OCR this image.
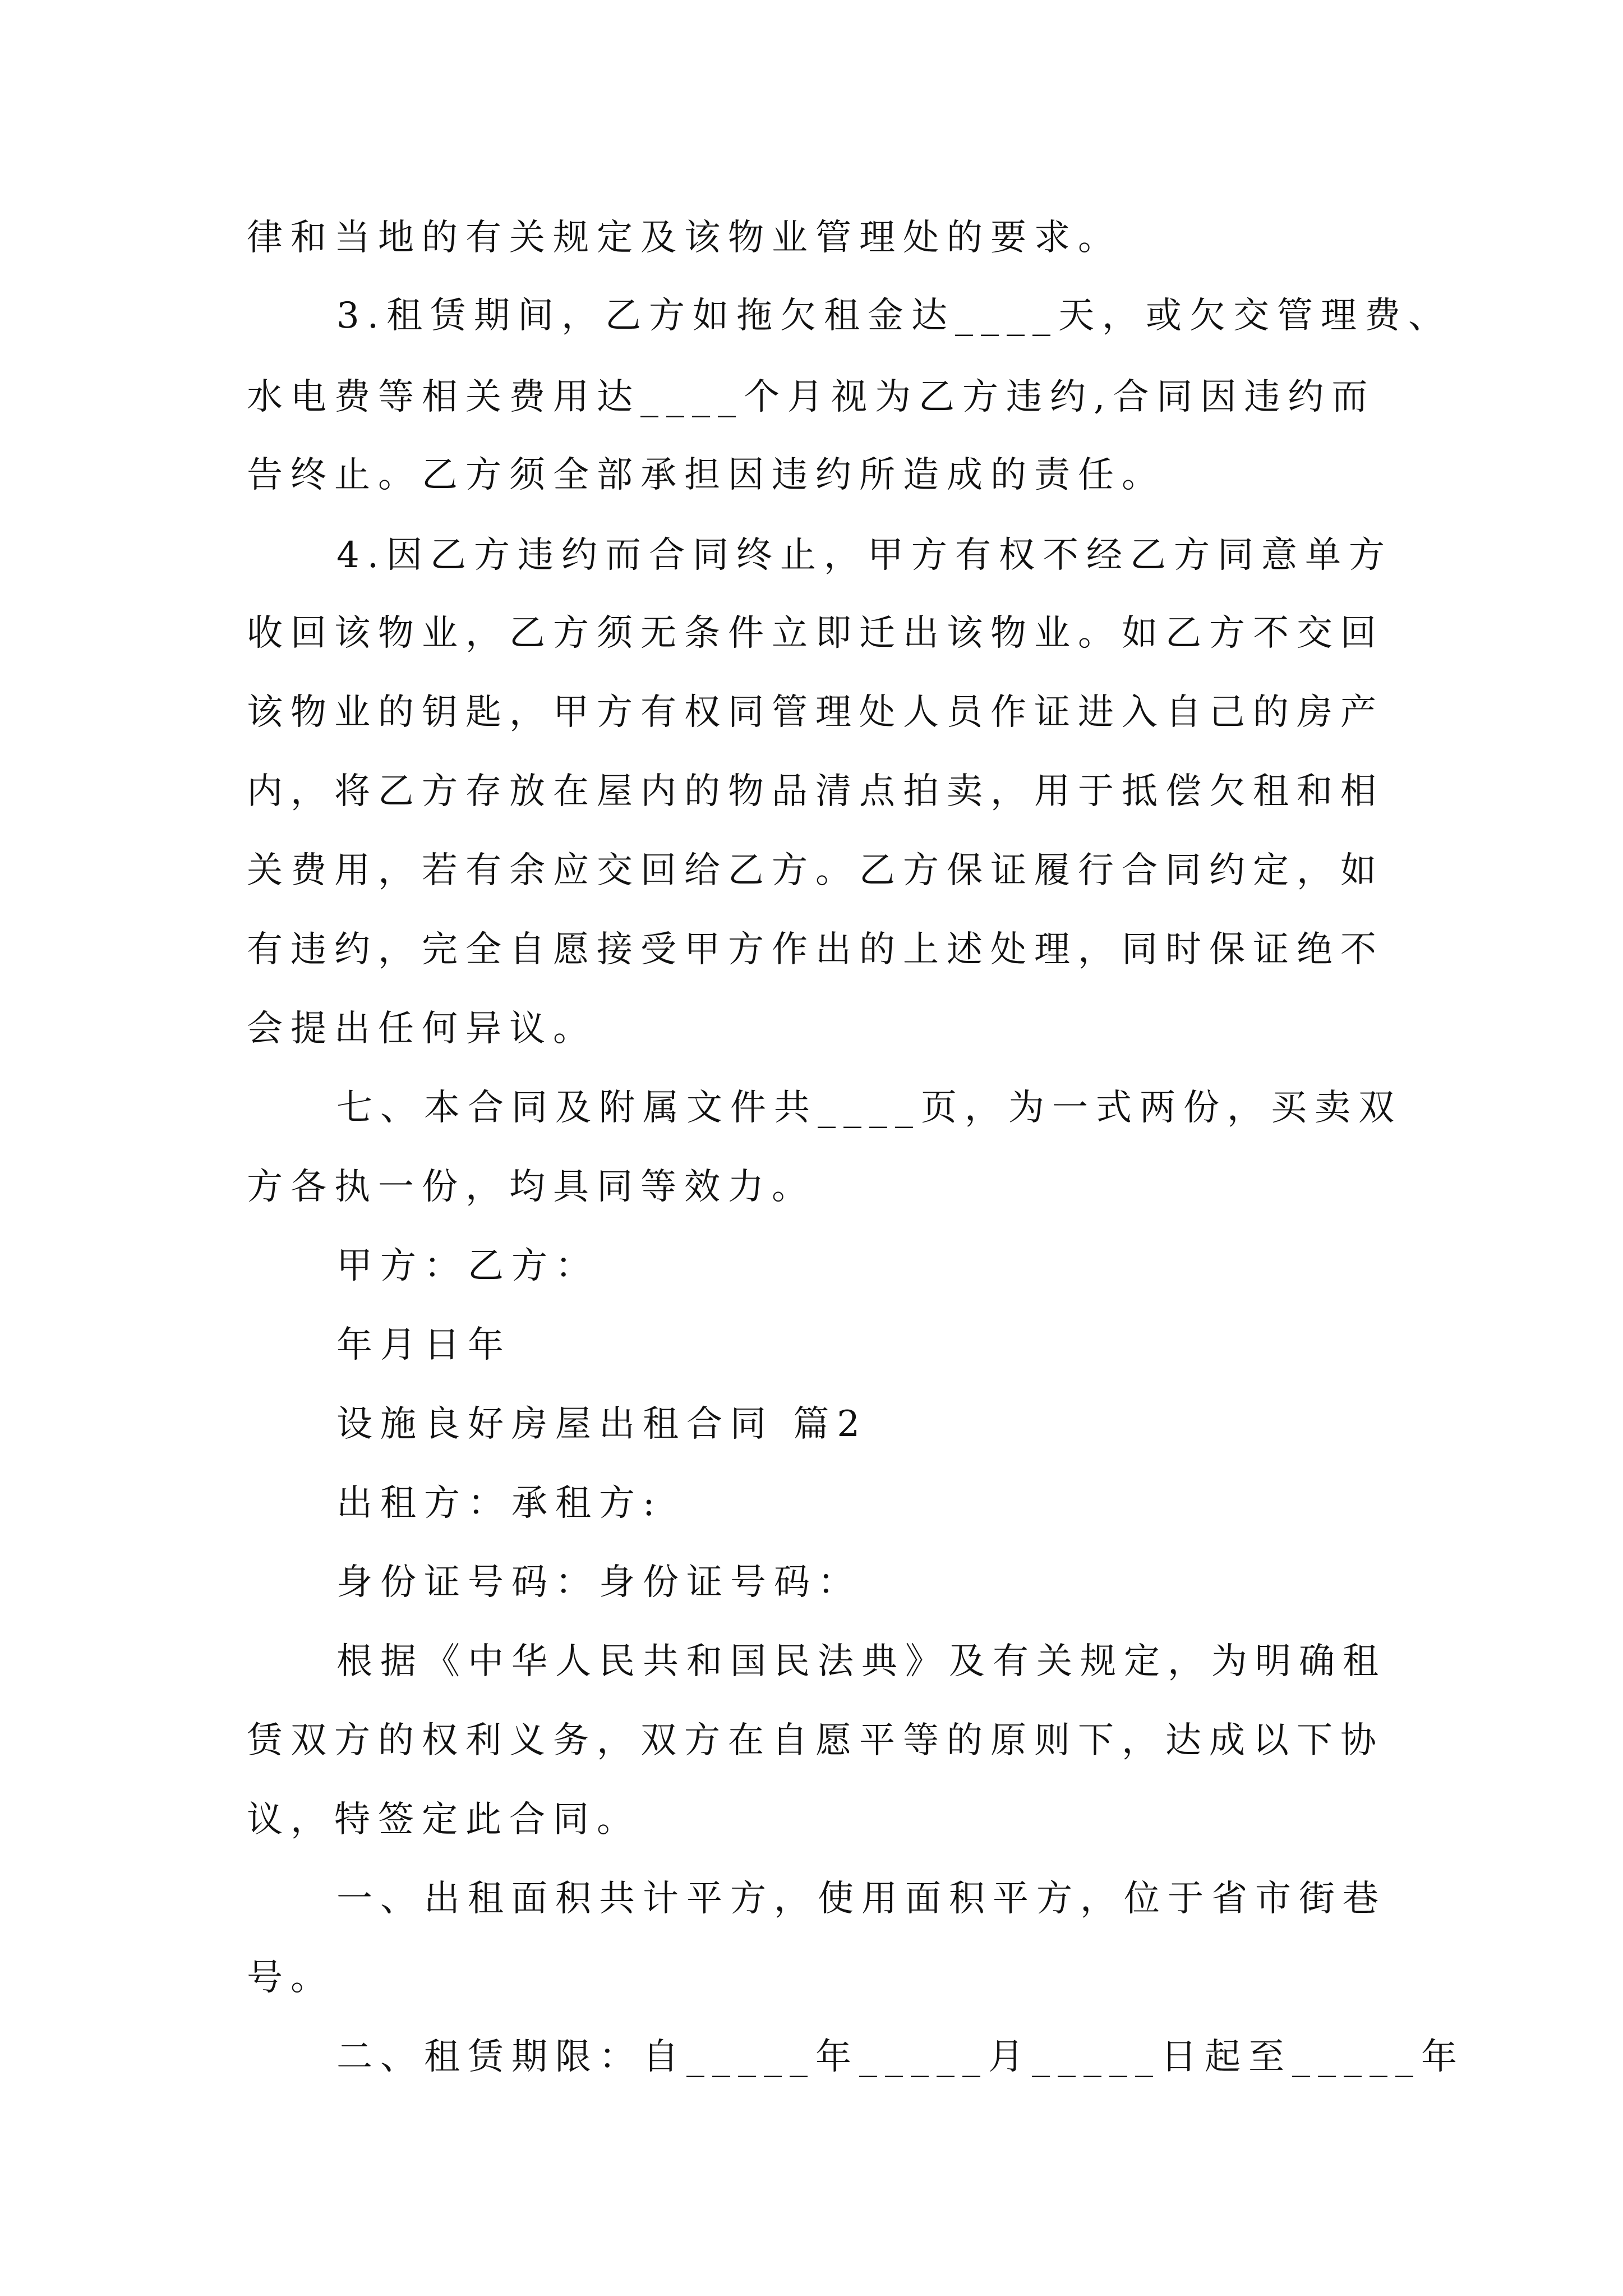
律和当地的有关规定及该物业管理处的要求。
3.租赁期间，乙方如拖欠租金达____天，或欠交管理费、
水电费等相关费用达____个月视为乙方违约,合同因违约而
告终止。乙方须全部承担因违约所造成的责任。
4.因乙方违约而合同终止，甲方有权不经乙方同意单方
收回该物业，乙方须无条件立即迁出该物业。如乙方不交回
该物业的钥匙，甲方有权同管理处人员作证进入自己的房产
内，将乙方存放在屋内的物品清点拍卖，用于抵偿欠租和相
关费用，若有余应交回给乙方。乙方保证履行合同约定，如
有违约，完全自愿接受甲方作出的上述处理，同时保证绝不
会提出任何异议。
七、本合同及附属文件共____页，为一式两份，买卖双
方各执一份，均具同等效力。
甲方：乙方：
年月日年
设施良好房屋出租合同 篇2
出租方：承租方:
身份证号码：身份证号码：
根据《中华人民共和国民法典》及有关规定，为明确租
赁双方的权利义务，双方在自愿平等的原则下，达成以下协
议，特签定此合同。
一、出租面积共计平方，使用面积平方，位于省市街巷
号。
二、租赁期限：自_____年_____月_____日起至_____年
